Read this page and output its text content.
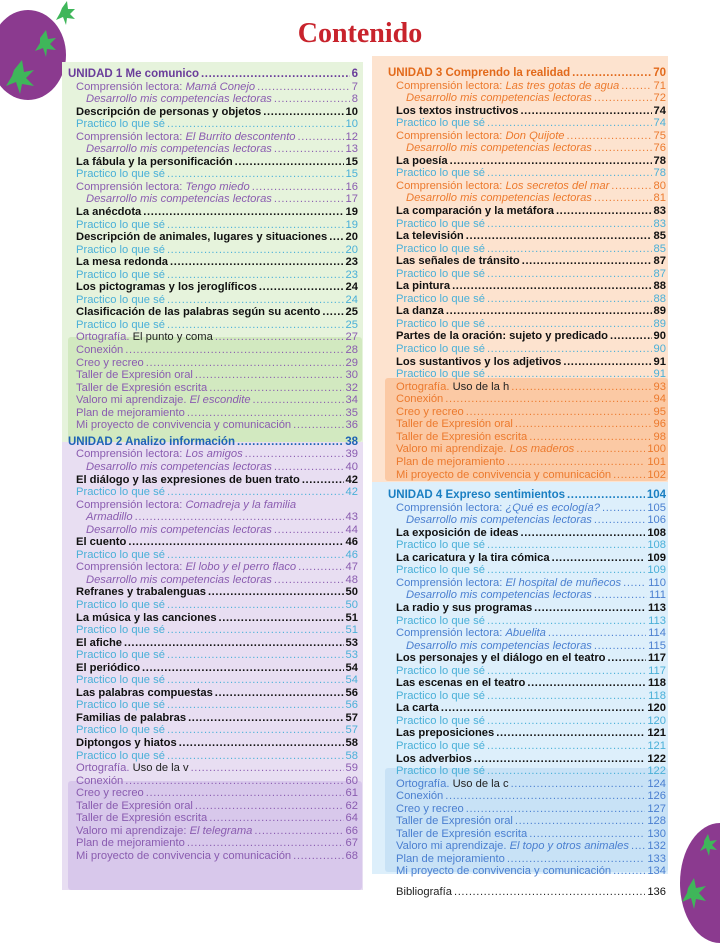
Contenido
UNIDAD 1 Me comunico .....	6
Comprensión lectora: Mamá Conejo .....	7
Desarrollo mis competencias lectoras .....	8
Descripción de personas y objetos .....	10
Practico lo que sé .....	10
Comprensión lectora: El Burrito descontento .....	12
Desarrollo mis competencias lectoras .....	13
La fábula y la personificación .....	15
Practico lo que sé .....	15
Comprensión lectora: Tengo miedo .....	16
Desarrollo mis competencias lectoras .....	17
La anécdota .....	19
Practico lo que sé .....	19
Descripción de animales, lugares y situaciones ..... 20
Practico lo que sé .....	20
La mesa redonda .....	23
Practico lo que sé .....	23
Los pictogramas y los jeroglíficos .....	24
Practico lo que sé .....	24
Clasificación de las palabras según su acento ..... 25
Practico lo que sé .....	25
Ortografía. El punto y coma .....	27
Conexión .....	28
Creo y recreo .....	29
Taller de Expresión oral .....	30
Taller de Expresión escrita .....	32
Valoro mi aprendizaje. El escondite .....	34
Plan de mejoramiento .....	35
Mi proyecto de convivencia y comunicación .....	36
UNIDAD 2 Analizo información .....	38
Comprensión lectora: Los amigos .....	39
Desarrollo mis competencias lectoras .....	40
El diálogo y las expresiones de buen trato .....	42
Practico lo que sé .....	42
Comprensión lectora: Comadreja y la familia
Armadillo .....	43
Desarrollo mis competencias lectoras .....	44
El cuento .....	46
Practico lo que sé .....	46
Comprensión lectora: El lobo y el perro flaco .....	47
Desarrollo mis competencias lectoras .....	48
Refranes y trabalenguas .....	50
Practico lo que sé .....	50
La música y las canciones .....	51
Practico lo que sé .....	51
El afiche .....	53
Practico lo que sé .....	53
El periódico .....	54
Practico lo que sé .....	54
Las palabras compuestas .....	56
Practico lo que sé .....	56
Familias de palabras .....	57
Practico lo que sé .....	57
Diptongos y hiatos .....	58
Practico lo que sé .....	58
Ortografía. Uso de la v .....	59
Conexión .....	60
Creo y recreo .....	61
Taller de Expresión oral .....	62
Taller de Expresión escrita .....	64
Valoro mi aprendizaje: El telegrama .....	66
Plan de mejoramiento .....	67
Mi proyecto de convivencia y comunicación .....	68
UNIDAD 3 Comprendo la realidad .....	70
Comprensión lectora: Las tres gotas de agua .....	71
Desarrollo mis competencias lectoras .....	72
Los textos instructivos .....	74
Practico lo que sé .....	74
Comprensión lectora: Don Quijote .....	75
Desarrollo mis competencias lectoras .....	76
La poesía .....	78
Practico lo que sé .....	78
Comprensión lectora: Los secretos del mar .....	80
Desarrollo mis competencias lectoras .....	81
La comparación y la metáfora .....	83
Practico lo que sé .....	83
La televisión .....	85
Practico lo que sé .....	85
Las señales de tránsito .....	87
Practico lo que sé .....	87
La pintura .....	88
Practico lo que sé .....	88
La danza .....	89
Practico lo que sé .....	89
Partes de la oración: sujeto y predicado .....	90
Practico lo que sé .....	90
Los sustantivos y los adjetivos .....	91
Practico lo que sé .....	91
Ortografía. Uso de la h .....	93
Conexión .....	94
Creo y recreo .....	95
Taller de Expresión oral .....	96
Taller de Expresión escrita .....	98
Valoro mi aprendizaje. Los maderos .....	100
Plan de mejoramiento .....	101
Mi proyecto de convivencia y comunicación .....	102
UNIDAD 4 Expreso sentimientos .....	104
Comprensión lectora: ¿Qué es ecología? .....	105
Desarrollo mis competencias lectoras .....	106
La exposición de ideas .....	108
Practico lo que sé .....	108
La caricatura y la tira cómica .....	109
Practico lo que sé .....	109
Comprensión lectora: El hospital de muñecos ..... 110
Desarrollo mis competencias lectoras .....	111
La radio y sus programas .....	113
Practico lo que sé .....	113
Comprensión lectora: Abuelita .....	114
Desarrollo mis competencias lectoras .....	115
Los personajes y el diálogo en el teatro .....	117
Practico lo que sé .....	117
Las escenas en el teatro .....	118
Practico lo que sé .....	118
La carta .....	120
Practico lo que sé .....	120
Las preposiciones .....	121
Practico lo que sé .....	121
Los adverbios .....	122
Practico lo que sé .....	122
Ortografía. Uso de la c .....	124
Conexión .....	126
Creo y recreo .....	127
Taller de Expresión oral .....	128
Taller de Expresión escrita .....	130
Valoro mi aprendizaje. El topo y otros animales ..... 132
Plan de mejoramiento .....	133
Mi proyecto de convivencia y comunicación .....	134
Bibliografía .....	136
